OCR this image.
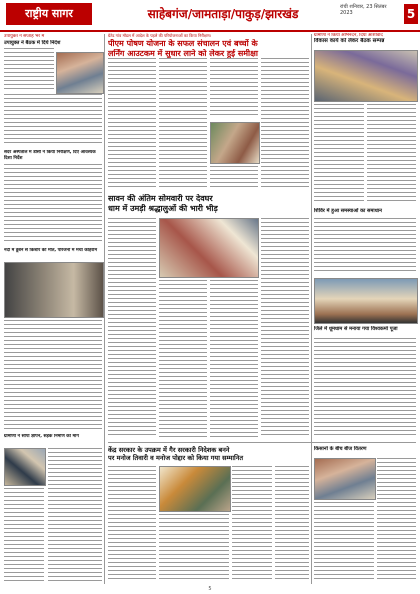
राष्ट्रीय सागर	साहेबगंज/जामताड़ा/पाकुड़/झारखंड	रांची शनिवार, 23 सितंबर 2023	5
उपायुक्त ने सप्ताह भर में
उपायुक्त ने बैठक में दिये निर्देश
ग्रेटेड गांव मॉडल में आदेश के पहले की परियोजनाओं का किया निरीक्षण।
पीएम पोषण योजना के सफल संचालन एवं बच्चों के
लर्निंग आउटकम में सुधार लाने को लेकर हुई समीक्षा
ग्रामीणों ने किया अभिनंदन, दिया आशीर्वाद
विकास कार्य को लेकर बैठक सम्पन्न
सदर अस्पताल में डीसी ने किया निरीक्षण, दिए आवश्यक दिशा निर्देश
नदी में डूबने से किशोर की मौत, परिजनों में मचा कोहराम
सावन की अंतिम सोमवारी पर देवघर
धाम में उमड़ी श्रद्धालुओं की भारी भीड़	शिविर में हुआ समस्याओं का समाधान
जिले में धूमधाम से मनाया गया विश्वकर्मा पूजा
केंद्र सरकार के उपक्रम में गैर सरकारी निदेशक बनने
पर मनोज तिवारी व मनोज पोद्दार को किया गया सम्मानित
ग्रामीणों ने सौंपा ज्ञापन, सड़क निर्माण की मांग
किसानों के बीच बीज वितरण
5
